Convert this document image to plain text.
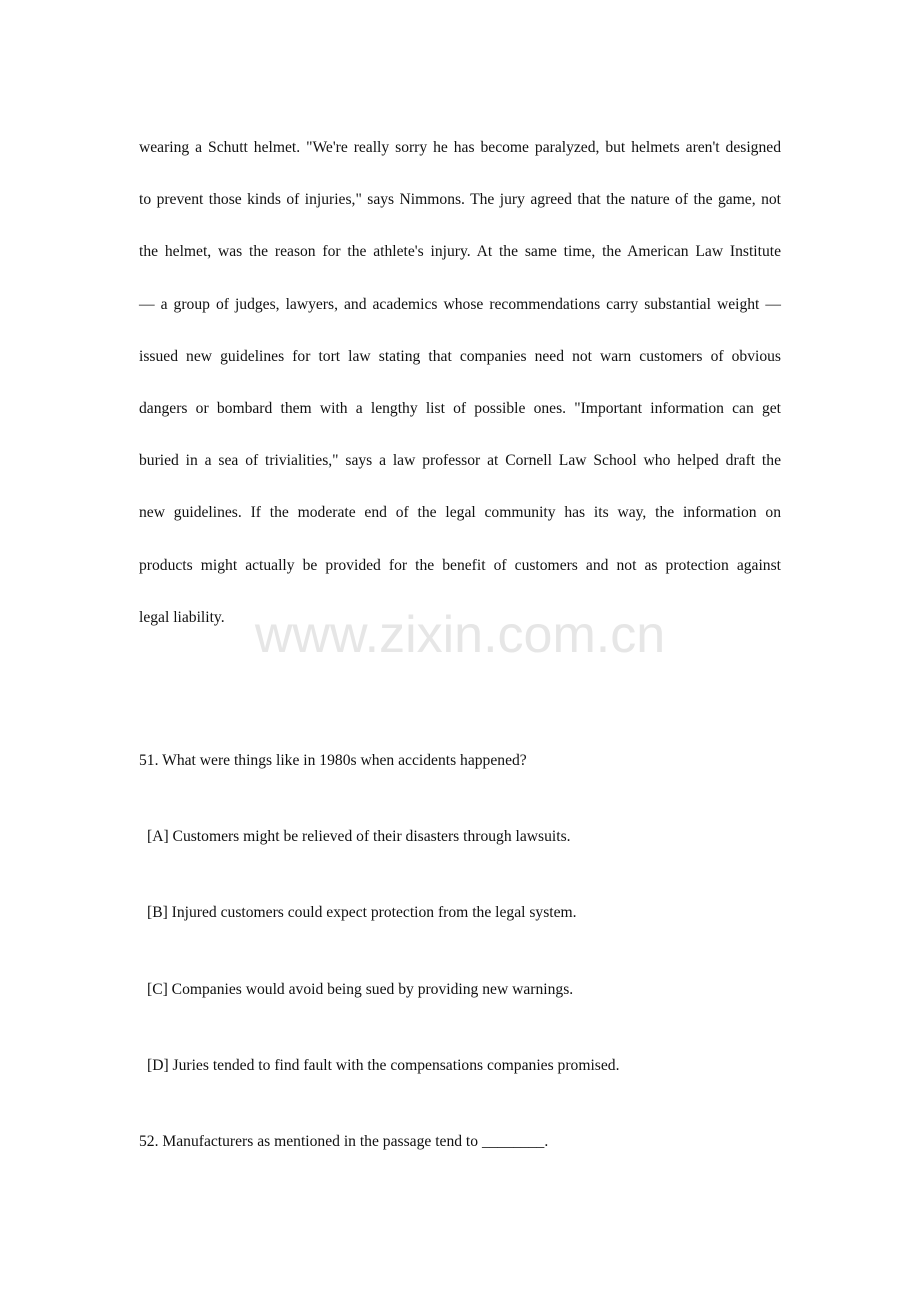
wearing a Schutt helmet. "We're really sorry he has become paralyzed, but helmets aren't designed
to prevent those kinds of injuries," says Nimmons. The jury agreed that the nature of the game, not
the helmet, was the reason for the athlete's injury. At the same time, the American Law Institute
— a group of judges, lawyers, and academics whose recommendations carry substantial weight —
issued new guidelines for tort law stating that companies need not warn customers of obvious
dangers or bombard them with a lengthy list of possible ones. "Important information can get
buried in a sea of trivialities," says a law professor at Cornell Law School who helped draft the
new guidelines. If the moderate end of the legal community has its way, the information on
products might actually be provided for the benefit of customers and not as protection against
legal liability. www.zixin.com.cn

51. What were things like in 1980s when accidents happened?

[A] Customers might be relieved of their disasters through lawsuits.

[B] Injured customers could expect protection from the legal system.

[C] Companies would avoid being sued by providing new warnings.

[D] Juries tended to find fault with the compensations companies promised.

52. Manufacturers as mentioned in the passage tend to ________.
